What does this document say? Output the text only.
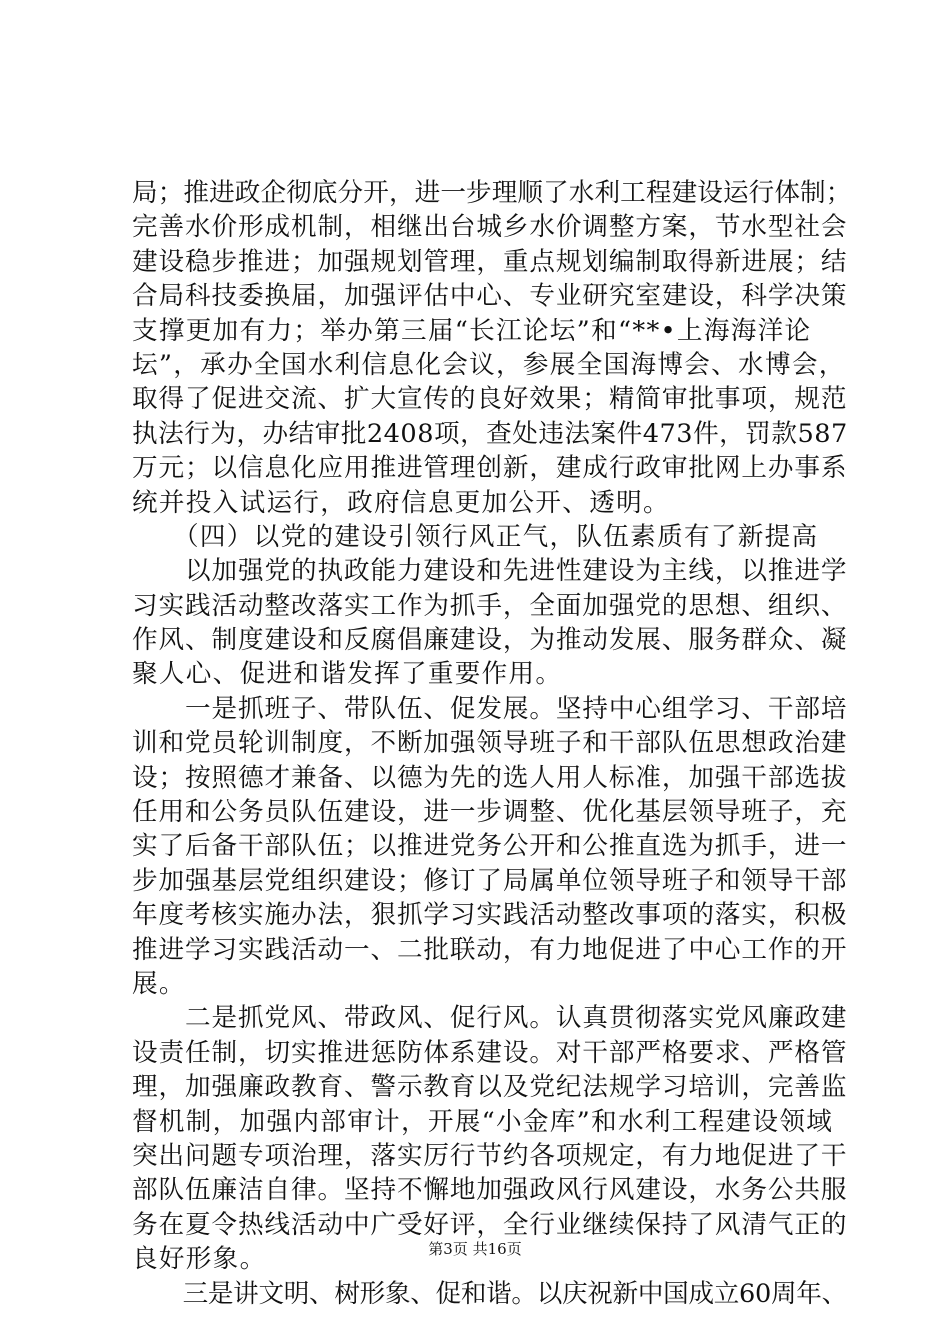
局；推进政企彻底分开，进一步理顺了水利工程建设运行体制；
完善水价形成机制，相继出台城乡水价调整方案，节水型社会
建设稳步推进；加强规划管理，重点规划编制取得新进展；结
合局科技委换届，加强评估中心、专业研究室建设，科学决策
支撑更加有力；举办第三届“长江论坛”和“**•上海海洋论
坛”，承办全国水利信息化会议，参展全国海博会、水博会，
取得了促进交流、扩大宣传的良好效果；精简审批事项，规范
执法行为，办结审批2408项，查处违法案件473件，罚款587
万元；以信息化应用推进管理创新，建成行政审批网上办事系
统并投入试运行，政府信息更加公开、透明。
　　（四）以党的建设引领行风正气，队伍素质有了新提高
　　以加强党的执政能力建设和先进性建设为主线，以推进学
习实践活动整改落实工作为抓手，全面加强党的思想、组织、
作风、制度建设和反腐倡廉建设，为推动发展、服务群众、凝
聚人心、促进和谐发挥了重要作用。
　　一是抓班子、带队伍、促发展。坚持中心组学习、干部培
训和党员轮训制度，不断加强领导班子和干部队伍思想政治建
设；按照德才兼备、以德为先的选人用人标准，加强干部选拔
任用和公务员队伍建设，进一步调整、优化基层领导班子，充
实了后备干部队伍；以推进党务公开和公推直选为抓手，进一
步加强基层党组织建设；修订了局属单位领导班子和领导干部
年度考核实施办法，狠抓学习实践活动整改事项的落实，积极
推进学习实践活动一、二批联动，有力地促进了中心工作的开
展。
　　二是抓党风、带政风、促行风。认真贯彻落实党风廉政建
设责任制，切实推进惩防体系建设。对干部严格要求、严格管
理，加强廉政教育、警示教育以及党纪法规学习培训，完善监
督机制，加强内部审计，开展“小金库”和水利工程建设领域
突出问题专项治理，落实厉行节约各项规定，有力地促进了干
部队伍廉洁自律。坚持不懈地加强政风行风建设，水务公共服
务在夏令热线活动中广受好评，全行业继续保持了风清气正的
良好形象。
　　三是讲文明、树形象、促和谐。以庆祝新中国成立60周年、
第3页 共16页
